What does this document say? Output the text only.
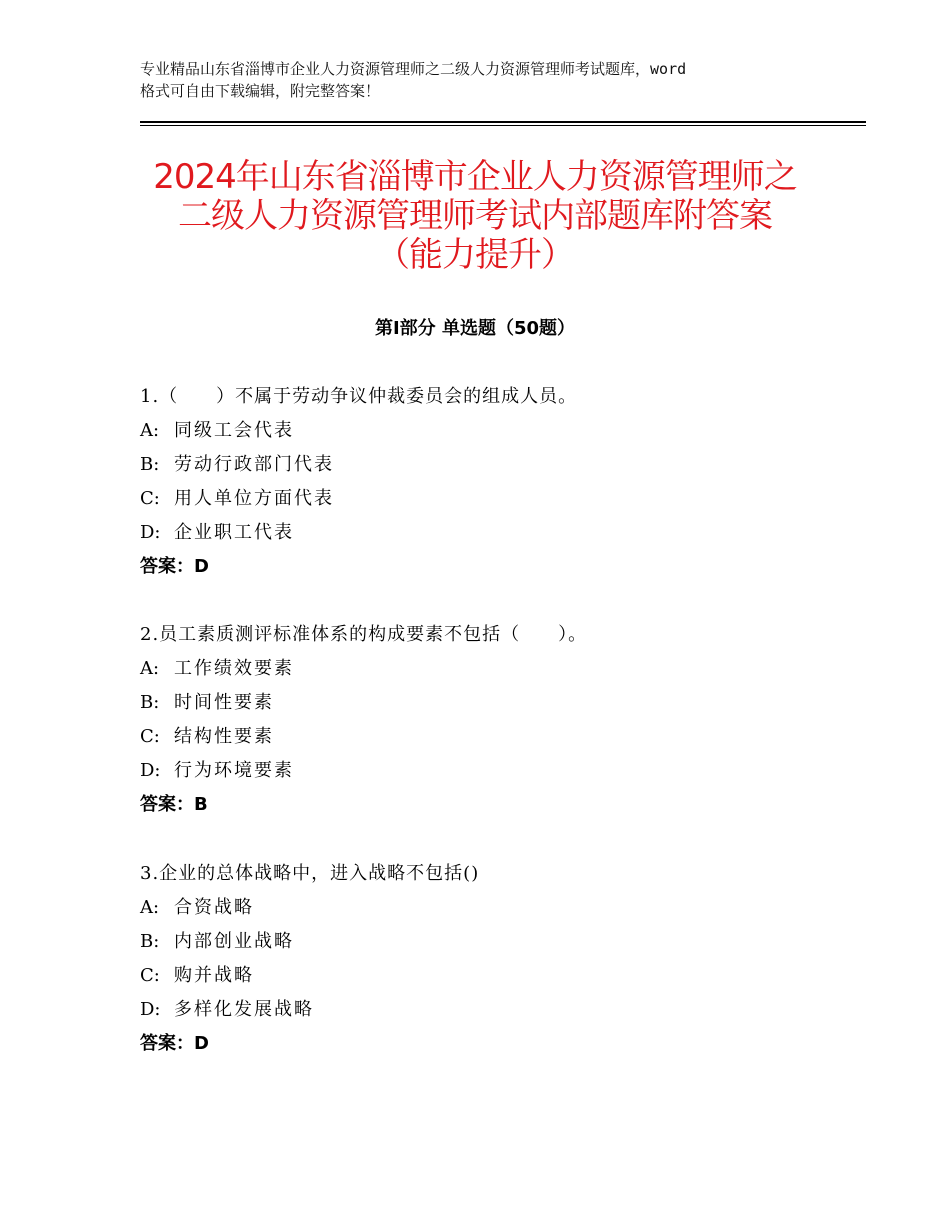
专业精品山东省淄博市企业人力资源管理师之二级人力资源管理师考试题库，word
格式可自由下载编辑，附完整答案！
2024年山东省淄博市企业人力资源管理师之
二级人力资源管理师考试内部题库附答案
（能力提升）
第Ⅰ部分 单选题（50题）
1.（　　）不属于劳动争议仲裁委员会的组成人员。
A: 同级工会代表
B: 劳动行政部门代表
C: 用人单位方面代表
D: 企业职工代表
答案：D
2.员工素质测评标准体系的构成要素不包括（　　）。
A: 工作绩效要素
B: 时间性要素
C: 结构性要素
D: 行为环境要素
答案：B
3.企业的总体战略中，进入战略不包括()
A: 合资战略
B: 内部创业战略
C: 购并战略
D: 多样化发展战略
答案：D
